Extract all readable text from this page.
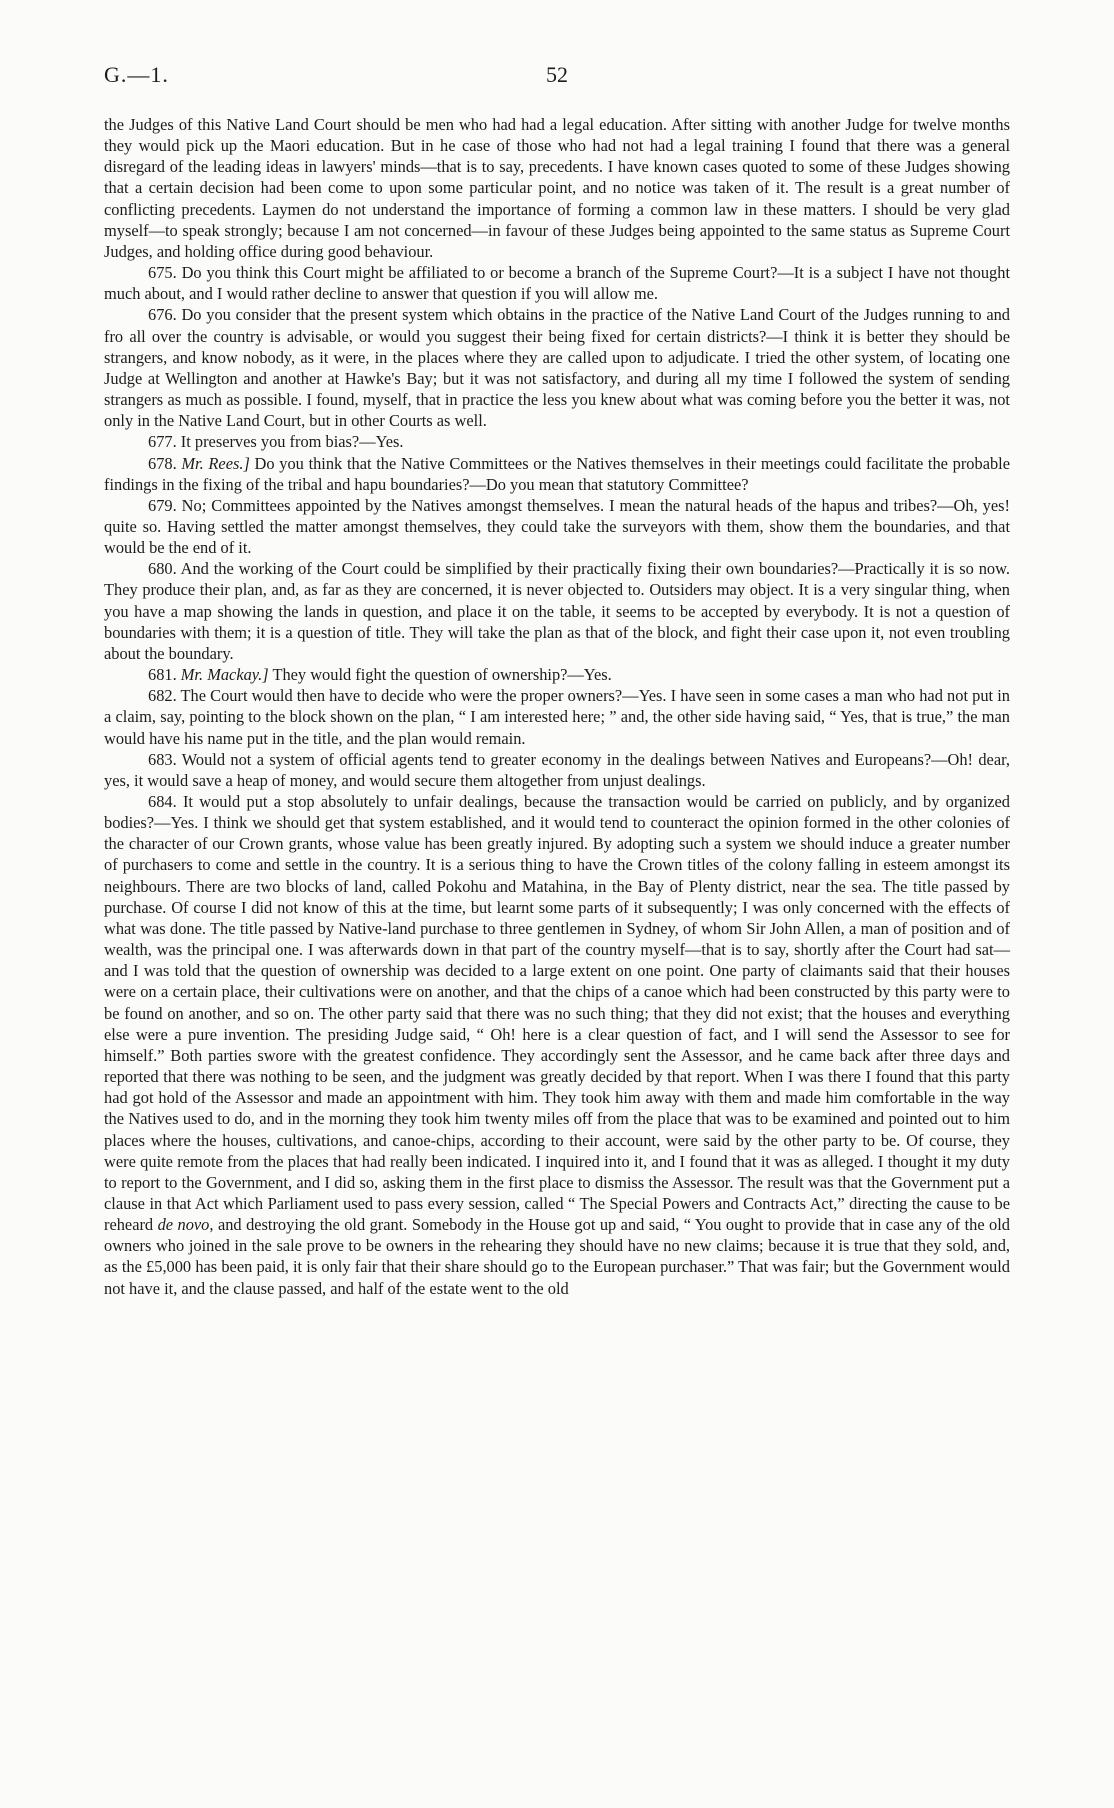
G.—1.	52

the Judges of this Native Land Court should be men who had had a legal education. After sitting with another Judge for twelve months they would pick up the Maori education. But in he case of those who had not had a legal training I found that there was a general disregard of the leading ideas in lawyers' minds—that is to say, precedents. I have known cases quoted to some of these Judges showing that a certain decision had been come to upon some particular point, and no notice was taken of it. The result is a great number of conflicting precedents. Laymen do not understand the importance of forming a common law in these matters. I should be very glad myself—to speak strongly; because I am not concerned—in favour of these Judges being appointed to the same status as Supreme Court Judges, and holding office during good behaviour.

675. Do you think this Court might be affiliated to or become a branch of the Supreme Court?—It is a subject I have not thought much about, and I would rather decline to answer that question if you will allow me.

676. Do you consider that the present system which obtains in the practice of the Native Land Court of the Judges running to and fro all over the country is advisable, or would you suggest their being fixed for certain districts?—I think it is better they should be strangers, and know nobody, as it were, in the places where they are called upon to adjudicate. I tried the other system, of locating one Judge at Wellington and another at Hawke's Bay; but it was not satisfactory, and during all my time I followed the system of sending strangers as much as possible. I found, myself, that in practice the less you knew about what was coming before you the better it was, not only in the Native Land Court, but in other Courts as well.

677. It preserves you from bias?—Yes.

678. Mr. Rees.] Do you think that the Native Committees or the Natives themselves in their meetings could facilitate the probable findings in the fixing of the tribal and hapu boundaries?—Do you mean that statutory Committee?

679. No; Committees appointed by the Natives amongst themselves. I mean the natural heads of the hapus and tribes?—Oh, yes! quite so. Having settled the matter amongst themselves, they could take the surveyors with them, show them the boundaries, and that would be the end of it.

680. And the working of the Court could be simplified by their practically fixing their own boundaries?—Practically it is so now. They produce their plan, and, as far as they are concerned, it is never objected to. Outsiders may object. It is a very singular thing, when you have a map showing the lands in question, and place it on the table, it seems to be accepted by everybody. It is not a question of boundaries with them; it is a question of title. They will take the plan as that of the block, and fight their case upon it, not even troubling about the boundary.

681. Mr. Mackay.] They would fight the question of ownership?—Yes.

682. The Court would then have to decide who were the proper owners?—Yes. I have seen in some cases a man who had not put in a claim, say, pointing to the block shown on the plan, “ I am interested here; ” and, the other side having said, “ Yes, that is true,” the man would have his name put in the title, and the plan would remain.

683. Would not a system of official agents tend to greater economy in the dealings between Natives and Europeans?—Oh! dear, yes, it would save a heap of money, and would secure them altogether from unjust dealings.

684. It would put a stop absolutely to unfair dealings, because the transaction would be carried on publicly, and by organized bodies?—Yes. I think we should get that system established, and it would tend to counteract the opinion formed in the other colonies of the character of our Crown grants, whose value has been greatly injured. By adopting such a system we should induce a greater number of purchasers to come and settle in the country. It is a serious thing to have the Crown titles of the colony falling in esteem amongst its neighbours. There are two blocks of land, called Pokohu and Matahina, in the Bay of Plenty district, near the sea. The title passed by purchase. Of course I did not know of this at the time, but learnt some parts of it subsequently; I was only concerned with the effects of what was done. The title passed by Native-land purchase to three gentlemen in Sydney, of whom Sir John Allen, a man of position and of wealth, was the principal one. I was afterwards down in that part of the country myself—that is to say, shortly after the Court had sat—and I was told that the question of ownership was decided to a large extent on one point. One party of claimants said that their houses were on a certain place, their cultivations were on another, and that the chips of a canoe which had been constructed by this party were to be found on another, and so on. The other party said that there was no such thing; that they did not exist; that the houses and everything else were a pure invention. The presiding Judge said, “ Oh! here is a clear question of fact, and I will send the Assessor to see for himself.” Both parties swore with the greatest confidence. They accordingly sent the Assessor, and he came back after three days and reported that there was nothing to be seen, and the judgment was greatly decided by that report. When I was there I found that this party had got hold of the Assessor and made an appointment with him. They took him away with them and made him comfortable in the way the Natives used to do, and in the morning they took him twenty miles off from the place that was to be examined and pointed out to him places where the houses, cultivations, and canoe-chips, according to their account, were said by the other party to be. Of course, they were quite remote from the places that had really been indicated. I inquired into it, and I found that it was as alleged. I thought it my duty to report to the Government, and I did so, asking them in the first place to dismiss the Assessor. The result was that the Government put a clause in that Act which Parliament used to pass every session, called “ The Special Powers and Contracts Act,” directing the cause to be reheard de novo, and destroying the old grant. Somebody in the House got up and said, “ You ought to provide that in case any of the old owners who joined in the sale prove to be owners in the rehearing they should have no new claims; because it is true that they sold, and, as the £5,000 has been paid, it is only fair that their share should go to the European purchaser.” That was fair; but the Government would not have it, and the clause passed, and half of the estate went to the old
